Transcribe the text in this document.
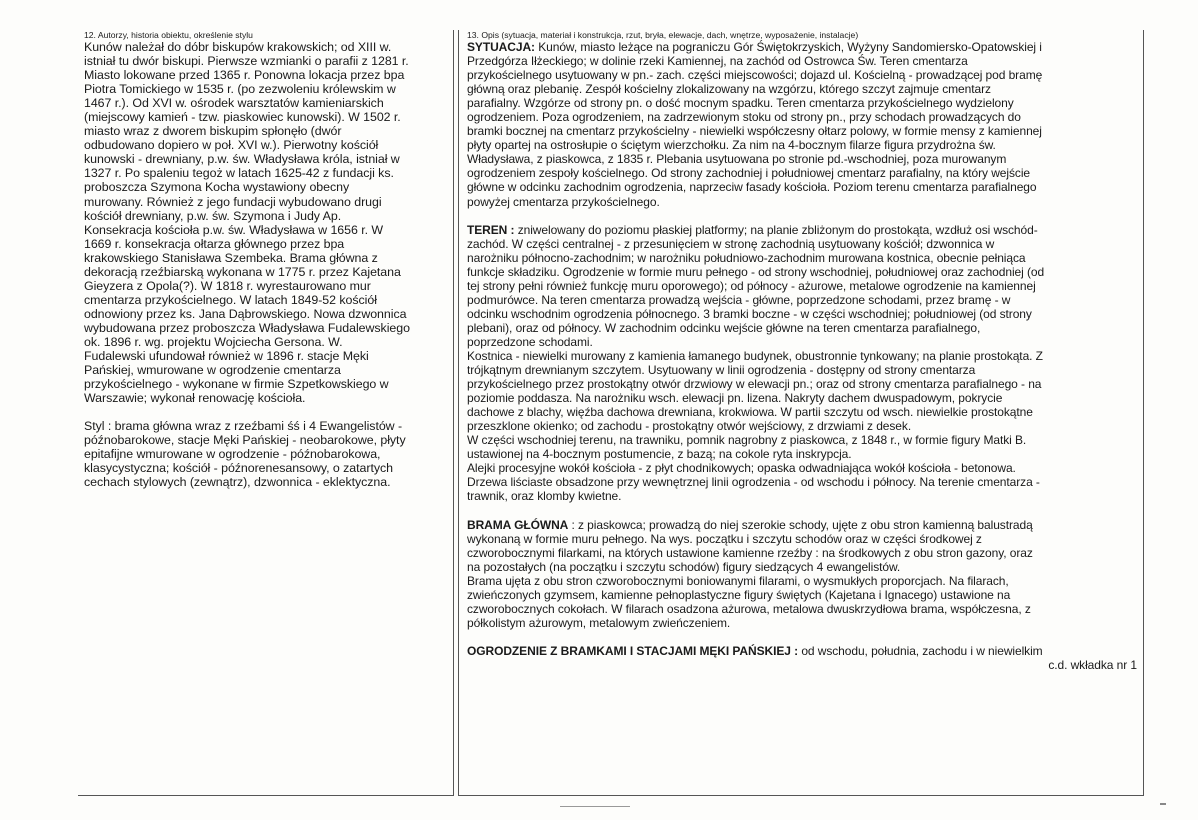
12. Autorzy, historia obiektu, określenie stylu

Kunów należał do dóbr biskupów krakowskich; od XIII w.

istniał tu dwór biskupi. Pierwsze wzmianki o parafii z 1281 r.

Miasto lokowane przed 1365 r. Ponowna lokacja przez bpa

Piotra Tomickiego w 1535 r. (po zezwoleniu królewskim w

1467 r.). Od XVI w. ośrodek warsztatów kamieniarskich

(miejscowy kamień - tzw. piaskowiec kunowski). W 1502 r.

miasto wraz z dworem biskupim spłonęło (dwór

odbudowano dopiero w poł. XVI w.). Pierwotny kościół

kunowski - drewniany, p.w. św. Władysława króla, istniał w

1327 r. Po spaleniu tegoż w latach 1625-42 z fundacji ks.

proboszcza Szymona Kocha wystawiony obecny

murowany. Również z jego fundacji wybudowano drugi

kościół drewniany, p.w. św. Szymona i Judy Ap.

Konsekracja kościoła p.w. św. Władysława w 1656 r. W

1669 r. konsekracja ołtarza głównego przez bpa

krakowskiego Stanisława Szembeka. Brama główna z

dekoracją rzeźbiarską wykonana w 1775 r. przez Kajetana

Gieyzera z Opola(?). W 1818 r. wyrestaurowano mur

cmentarza przykościelnego. W latach 1849-52 kościół

odnowiony przez ks. Jana Dąbrowskiego. Nowa dzwonnica

wybudowana przez proboszcza Władysława Fudalewskiego

ok. 1896 r. wg. projektu Wojciecha Gersona. W.

Fudalewski ufundował również w 1896 r. stacje Męki

Pańskiej, wmurowane w ogrodzenie cmentarza

przykościelnego - wykonane w firmie Szpetkowskiego w

Warszawie; wykonał renowację kościoła.

Styl : brama główna wraz z rzeźbami śś i 4 Ewangelistów -

późnobarokowe, stacje Męki Pańskiej - neobarokowe, płyty

epitafijne wmurowane w ogrodzenie - późnobarokowa,

klasycystyczna; kościół - późnorenesansowy, o zatartych

cechach stylowych (zewnątrz), dzwonnica - eklektyczna.

13. Opis (sytuacja, materiał i konstrukcja, rzut, bryła, elewacje, dach, wnętrze, wyposażenie, instalacje)

SYTUACJA: Kunów, miasto leżące na pograniczu Gór Świętokrzyskich, Wyżyny Sandomiersko-Opatowskiej i

Przedgórza Iłżeckiego; w dolinie rzeki Kamiennej, na zachód od Ostrowca Św. Teren cmentarza

przykościelnego usytuowany w pn.- zach. części miejscowości; dojazd ul. Kościelną - prowadzącej pod bramę

główną oraz plebanię. Zespół kościelny zlokalizowany na wzgórzu, którego szczyt zajmuje cmentarz

parafialny. Wzgórze od strony pn. o dość mocnym spadku. Teren cmentarza przykościelnego wydzielony

ogrodzeniem. Poza ogrodzeniem, na zadrzewionym stoku od strony pn., przy schodach prowadzących do

bramki bocznej na cmentarz przykościelny - niewielki współczesny ołtarz polowy, w formie mensy z kamiennej

płyty opartej na ostrosłupie o ściętym wierzchołku. Za nim na 4-bocznym filarze figura przydrożna św.

Władysława, z piaskowca, z 1835 r. Plebania usytuowana po stronie pd.-wschodniej, poza murowanym

ogrodzeniem zespoły kościelnego. Od strony zachodniej i południowej cmentarz parafialny, na który wejście

główne w odcinku zachodnim ogrodzenia, naprzeciw fasady kościoła. Poziom terenu cmentarza parafialnego

powyżej cmentarza przykościelnego.

TEREN : zniwelowany do poziomu płaskiej platformy; na planie zbliżonym do prostokąta, wzdłuż osi wschód-

zachód. W części centralnej - z przesunięciem w stronę zachodnią usytuowany kościół; dzwonnica w

narożniku północno-zachodnim; w narożniku południowo-zachodnim murowana kostnica, obecnie pełniąca

funkcje składziku. Ogrodzenie w formie muru pełnego - od strony wschodniej, południowej oraz zachodniej (od

tej strony pełni również funkcję muru oporowego); od północy - ażurowe, metalowe ogrodzenie na kamiennej

podmurówce. Na teren cmentarza prowadzą wejścia - główne, poprzedzone schodami, przez bramę - w

odcinku wschodnim ogrodzenia północnego. 3 bramki boczne - w części wschodniej; południowej (od strony

plebani), oraz od północy. W zachodnim odcinku wejście główne na teren cmentarza parafialnego,

poprzedzone schodami.

Kostnica - niewielki murowany z kamienia łamanego budynek, obustronnie tynkowany; na planie prostokąta. Z

trójkątnym drewnianym szczytem. Usytuowany w linii ogrodzenia - dostępny od strony cmentarza

przykościelnego przez prostokątny otwór drzwiowy w elewacji pn.; oraz od strony cmentarza parafialnego - na

poziomie poddasza. Na narożniku wsch. elewacji pn. lizena. Nakryty dachem dwuspadowym, pokrycie

dachowe z blachy, więźba dachowa drewniana, krokwiowa. W partii szczytu od wsch. niewielkie prostokątne

przeszklone okienko; od zachodu - prostokątny otwór wejściowy, z drzwiami z desek.

W części wschodniej terenu, na trawniku, pomnik nagrobny z piaskowca, z 1848 r., w formie figury Matki B.

ustawionej na 4-bocznym postumencie, z bazą; na cokole ryta inskrypcja.

Alejki procesyjne wokół kościoła - z płyt chodnikowych; opaska odwadniająca wokół kościoła - betonowa.

Drzewa liściaste obsadzone przy wewnętrznej linii ogrodzenia - od wschodu i północy. Na terenie cmentarza -

trawnik, oraz klomby kwietne.

BRAMA GŁÓWNA : z piaskowca; prowadzą do niej szerokie schody, ujęte z obu stron kamienną balustradą

wykonaną w formie muru pełnego. Na wys. początku i szczytu schodów oraz w części środkowej z

czworobocznymi filarkami, na których ustawione kamienne rzeźby : na środkowych z obu stron gazony, oraz

na pozostałych (na początku i szczytu schodów) figury siedzących 4 ewangelistów.

Brama ujęta z obu stron czworobocznymi boniowanymi filarami, o wysmukłych proporcjach. Na filarach,

zwieńczonych gzymsem, kamienne pełnoplastyczne figury świętych (Kajetana i Ignacego) ustawione na

czworobocznych cokołach. W filarach osadzona ażurowa, metalowa dwuskrzydłowa brama, współczesna, z

półkolistym ażurowym, metalowym zwieńczeniem.

OGRODZENIE Z BRAMKAMI I STACJAMI MĘKI PAŃSKIEJ : od wschodu, południa, zachodu i w niewielkim

c.d. wkładka nr 1
